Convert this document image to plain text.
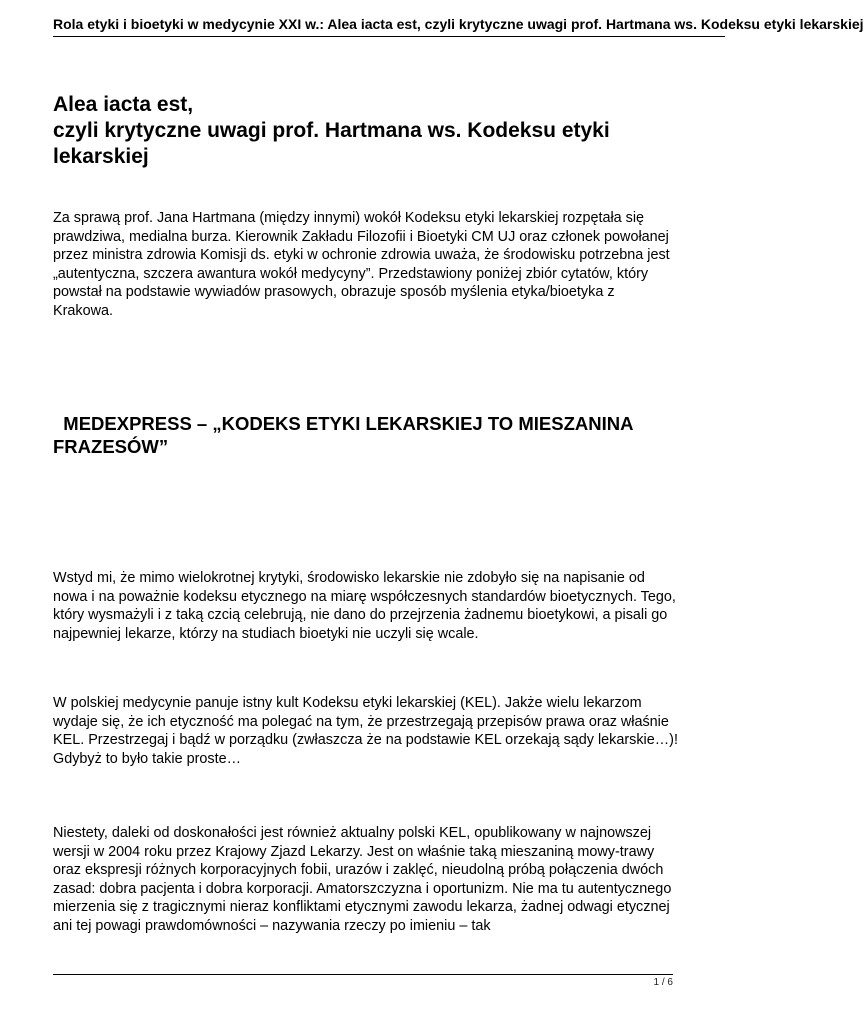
Rola etyki i bioetyki w medycynie XXI w.: Alea iacta est, czyli krytyczne uwagi prof. Hartmana ws. Kodeksu etyki lekarskiej
Alea iacta est,
czyli krytyczne uwagi prof. Hartmana ws. Kodeksu etyki
lekarskiej

Za sprawą prof. Jana Hartmana (między innymi) wokół Kodeksu etyki lekarskiej rozpętała się prawdziwa, medialna burza. Kierownik Zakładu Filozofii i Bioetyki CM UJ oraz członek powołanej przez ministra zdrowia Komisji ds. etyki w ochronie zdrowia uważa, że środowisku potrzebna jest „autentyczna, szczera awantura wokół medycyny”. Przedstawiony poniżej zbiór cytatów, który powstał na podstawie wywiadów prasowych, obrazuje sposób myślenia etyka/bioetyka z Krakowa.

MEDEXPRESS – „KODEKS ETYKI LEKARSKIEJ TO MIESZANINA FRAZESÓW”

Wstyd mi, że mimo wielokrotnej krytyki, środowisko lekarskie nie zdobyło się na napisanie od nowa i na poważnie kodeksu etycznego na miarę współczesnych standardów bioetycznych. Tego, który wysmażyli i z taką czcią celebrują, nie dano do przejrzenia żadnemu bioetykowi, a pisali go najpewniej lekarze, którzy na studiach bioetyki nie uczyli się wcale.

W polskiej medycynie panuje istny kult Kodeksu etyki lekarskiej (KEL). Jakże wielu lekarzom wydaje się, że ich etyczność ma polegać na tym, że przestrzegają przepisów prawa oraz właśnie KEL. Przestrzegaj i bądź w porządku (zwłaszcza że na podstawie KEL orzekają sądy lekarskie…)! Gdybyż to było takie proste…

Niestety, daleki od doskonałości jest również aktualny polski KEL, opublikowany w najnowszej wersji w 2004 roku przez Krajowy Zjazd Lekarzy. Jest on właśnie taką mieszaniną mowy-trawy oraz ekspresji różnych korporacyjnych fobii, urazów i zaklęć, nieudolną próbą połączenia dwóch zasad: dobra pacjenta i dobra korporacji. Amatorszczyzna i oportunizm. Nie ma tu autentycznego mierzenia się z tragicznymi nieraz konfliktami etycznymi zawodu lekarza, żadnej odwagi etycznej ani tej powagi prawdomówności – nazywania rzeczy po imieniu – tak

1 / 6
